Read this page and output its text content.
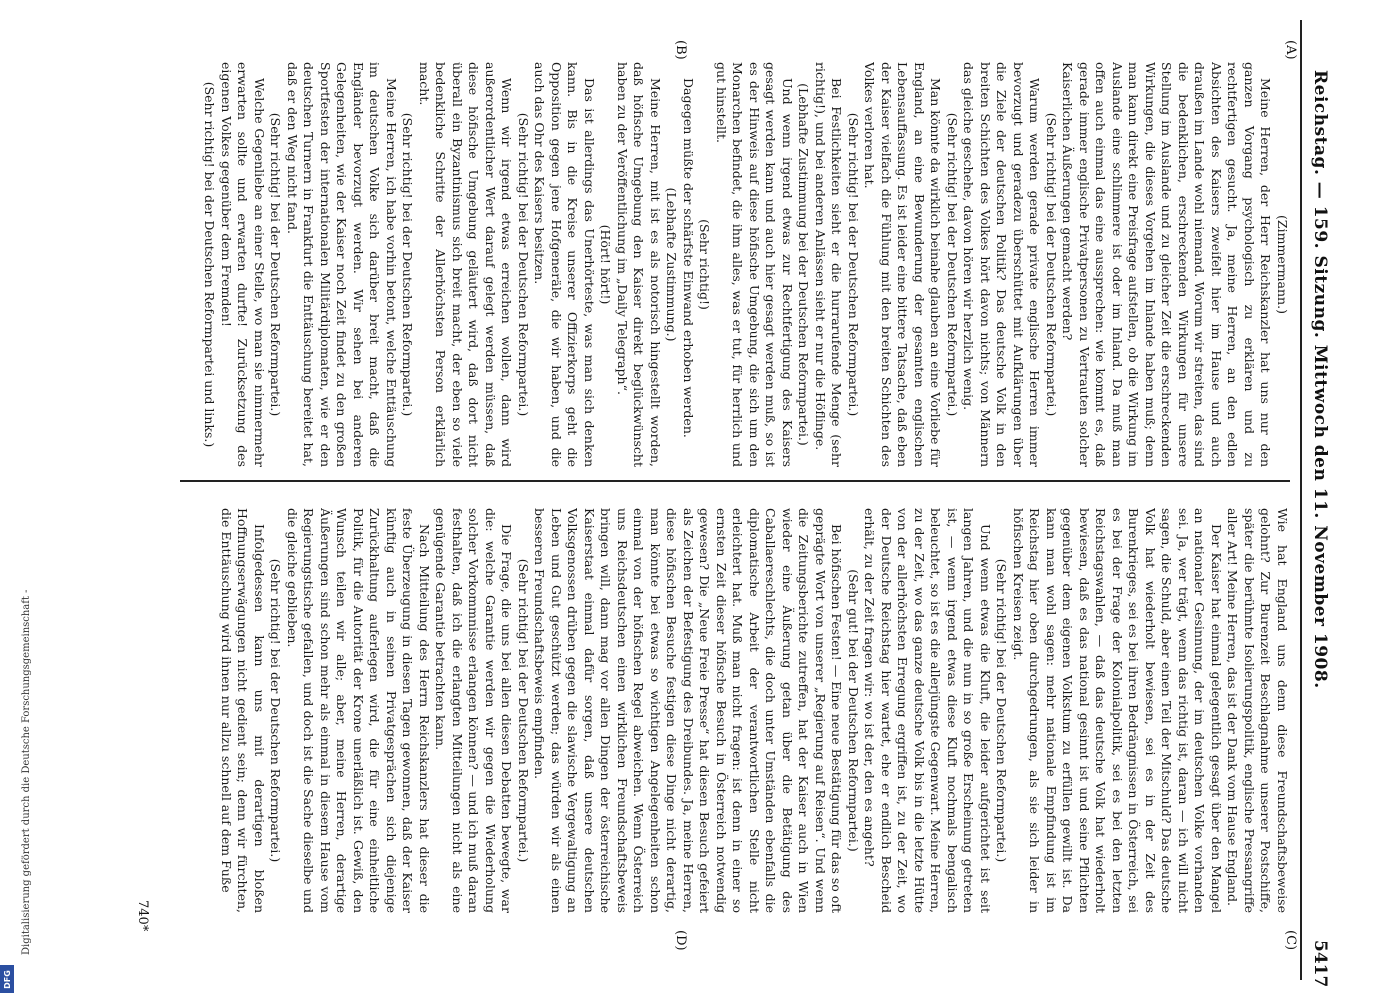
Reichstag. — 159. Sitzung. Mittwoch den 11. November 1908.
5417
(A)
(B)
(C)
(D)

(Zimmermann.)

Meine Herren, der Herr Reichskanzler hat uns nur den ganzen Vorgang psychologisch zu erklären und zu rechtfertigen gesucht. Ja, meine Herren, an den edlen Absichten des Kaisers zweifelt hier im Hause und auch draußen im Lande wohl niemand. Worum wir streiten, das sind die bedenklichen, erschreckenden Wirkungen für unsere Stellung im Auslande und zu gleicher Zeit die erschreckenden Wirkungen, die dieses Vorgehen im Inlande haben muß; denn man kann direkt eine Preisfrage aufstellen, ob die Wirkung im Auslande eine schlimmere ist oder im Inland. Da muß man offen auch einmal das eine aussprechen: wie kommt es, daß gerade immer englische Privatpersonen zu Vertrauten solcher Kaiserlichen Äußerungen gemacht werden?

(Sehr richtig! bei der Deutschen Reformpartei.)

Warum werden gerade private englische Herren immer bevorzugt und geradezu überschüttet mit Aufklärungen über die Ziele der deutschen Politik? Das deutsche Volk in den breiten Schichten des Volkes hört davon nichts; von Männern das gleiche geschehe, davon hören wir herzlich wenig.

(Sehr richtig! bei der Deutschen Reformpartei.)

Man könnte da wirklich beinahe glauben an eine Vorliebe für England, an eine Bewunderung der gesamten englischen Lebensauffassung. Es ist leider eine bittere Tatsache, daß eben der Kaiser vielfach die Fühlung mit den breiten Schichten des Volkes verloren hat.

(Sehr richtig! bei der Deutschen Reformpartei.)

Bei Festlichkeiten sieht er die hurrarufende Menge (sehr richtig!), und bei anderen Anlässen sieht er nur die Höflinge.

(Lebhafte Zustimmung bei der Deutschen Reformpartei.)

Und wenn irgend etwas zur Rechtfertigung des Kaisers gesagt werden kann und auch hier gesagt werden muß, so ist es der Hinweis auf diese höfische Umgebung, die sich um den Monarchen befindet, die ihm alles, was er tut, für herrlich und gut hinstellt.

(Sehr richtig!)

Dagegen müßte der schärfste Einwand erhoben werden.

(Lebhafte Zustimmung.)

Meine Herren, mit ist es als notorisch hingestellt worden, daß höfische Umgebung den Kaiser direkt beglückwünscht haben zu der Veröffentlichung im „Daily Telegraph“.

(Hört! hört!)

Das ist allerdings das Unerhörteste, was man sich denken kann. Bis in die Kreise unserer Offizierkorps geht die Opposition gegen jene Hofgeneräle, die wir haben, und die auch das Ohr des Kaisers besitzen.

(Sehr richtig! bei der Deutschen Reformpartei.)

Wenn wir irgend etwas erreichen wollen, dann wird außerordentlicher Wert darauf gelegt werden müssen, daß diese höfische Umgebung geläutert wird, daß dort nicht überall ein Byzantinismus sich breit macht, der eben so viele bedenkliche Schritte der Allerhöchsten Person erklärlich macht.

(Sehr richtig! bei der Deutschen Reformpartei.)

Meine Herren, ich habe vorhin betont, welche Enttäuschung im deutschen Volke sich darüber breit macht, daß die Engländer bevorzugt werden. Wir sehen bei anderen Gelegenheiten, wie der Kaiser noch Zeit findet zu den großen Sportfesten der internationalen Militärdiplomaten, wie er den deutschen Turnern in Frankfurt die Enttäuschung bereitet hat, daß er den Weg nicht fand.

(Sehr richtig! bei der Deutschen Reformpartei.)

Welche Gegenliebe an einer Stelle, wo man sie nimmermehr erwarten sollte und erwarten durfte! Zurücksetzung des eigenen Volkes gegenüber dem Fremden!

(Sehr richtig! bei der Deutschen Reformpartei und links.)

Wie hat England uns denn diese Freundschaftsbeweise gelohnt? Zur Burenzeit Beschlagnahme unserer Postschiffe, später die berühmte Isolierungspolitik, englische Pressangriffe aller Art! Meine Herren, das ist der Dank vom Hause England.

Der Kaiser hat einmal gelegentlich gesagt über den Mangel an nationaler Gesinnung, der im deutschen Volke vorhanden sei. Ja, wer trägt, wenn das richtig ist, daran — ich will nicht sagen, die Schuld, aber einen Teil der Mitschuld? Das deutsche Volk hat wiederholt bewiesen, sei es in der Zeit des Burenkrieges, sei es bei ihren Bedrängnissen in Österreich, sei es bei der Frage der Kolonialpolitik, sei es bei den letzten Reichstagswahlen, — daß das deutsche Volk hat wiederholt bewiesen, daß es das national gesinnt ist und seine Pflichten gegenüber dem eigenen Volkstum zu erfüllen gewillt ist. Da kann man wohl sagen: mehr nationale Empfindung ist im Reichstag hier oben durchgedrungen, als sie sich leider in höfischen Kreisen zeigt.

(Sehr richtig! bei der Deutschen Reformpartei.)

Und wenn etwas die Kluft, die leider aufgerichtet ist seit langen Jahren, und die nun in so große Erscheinung getreten ist, — wenn irgend etwas diese Kluft nochmals bengalisch beleuchtet, so ist es die allerjüngste Gegenwart. Meine Herren, zu der Zeit, wo das ganze deutsche Volk bis in die letzte Hütte von der allerhöchsten Erregung ergriffen ist, zu der Zeit, wo der Deutsche Reichstag hier wartet, ehe er endlich Bescheid erhält, zu der Zeit fragen wir: wo ist der, den es angeht?

(Sehr gut! bei der Deutschen Reformpartei.)

Bei höfischen Festen! — Eine neue Bestätigung für das so oft geprägte Wort von unserer „Regierung auf Reisen“. Und wenn die Zeitungsberichte zutreffen, hat der Kaiser auch in Wien wieder eine Äußerung getan über die Betätigung des Caballaereschlechts, die doch unter Umständen ebenfalls die diplomatische Arbeit der verantwortlichen Stelle nicht erleichtert hat. Muß man nicht fragen: ist denn in einer so ernsten Zeit dieser höfische Besuch in Österreich notwendig gewesen? Die „Neue Freie Presse“ hat diesen Besuch gefeiert als Zeichen der Befestigung des Dreibundes. Ja, meine Herren, diese höfischen Besuche festigen diese Dinge nicht derartig, man könnte bei etwas so wichtigen Angelegenheiten schon einmal von der höfischen Regel abweichen. Wenn Österreich uns Reichsdeutschen einen wirklichen Freundschaftsbeweis bringen will, dann mag vor allen Dingen der österreichische Kaiserstaat einmal dafür sorgen, daß unsere deutschen Volksgenossen drüben gegen die slawische Vergewaltigung an Leben und Gut geschützt werden; das würden wir als einen besseren Freundschaftsbeweis empfinden.

(Sehr richtig! bei der Deutschen Reformpartei.)

Die Frage, die uns bei allen diesen Debatten bewegte, war die: welche Garantie werden wir gegen die Wiederholung solcher Vorkommnisse erlangen können? — und ich muß daran festhalten, daß ich die erlangten Mitteilungen nicht als eine genügende Garantie betrachten kann.

Nach Mitteilung des Herrn Reichskanzlers hat dieser die feste Überzeugung in diesen Tagen gewonnen, daß der Kaiser künftig auch in seinen Privatgesprächen sich diejenige Zurückhaltung auferlegen wird, die für eine einheitliche Politik, für die Autorität der Krone unerläßlich ist. Gewiß, den Wunsch teilen wir alle; aber, meine Herren, derartige Äußerungen sind schon mehr als einmal in diesem Hause vom Regierungstische gefallen, und doch ist die Sache dieselbe und die gleiche geblieben.

(Sehr richtig! bei der Deutschen Reformpartei.)

Infolgedessen kann uns mit derartigen bloßen Hoffnungserwägungen nicht gedient sein; denn wir fürchten, die Enttäuschung wird ihnen nur allzu schnell auf dem Fuße

740*
Digitalisierung gefördert durch die Deutsche Forschungsgemeinschaft -
DFG
